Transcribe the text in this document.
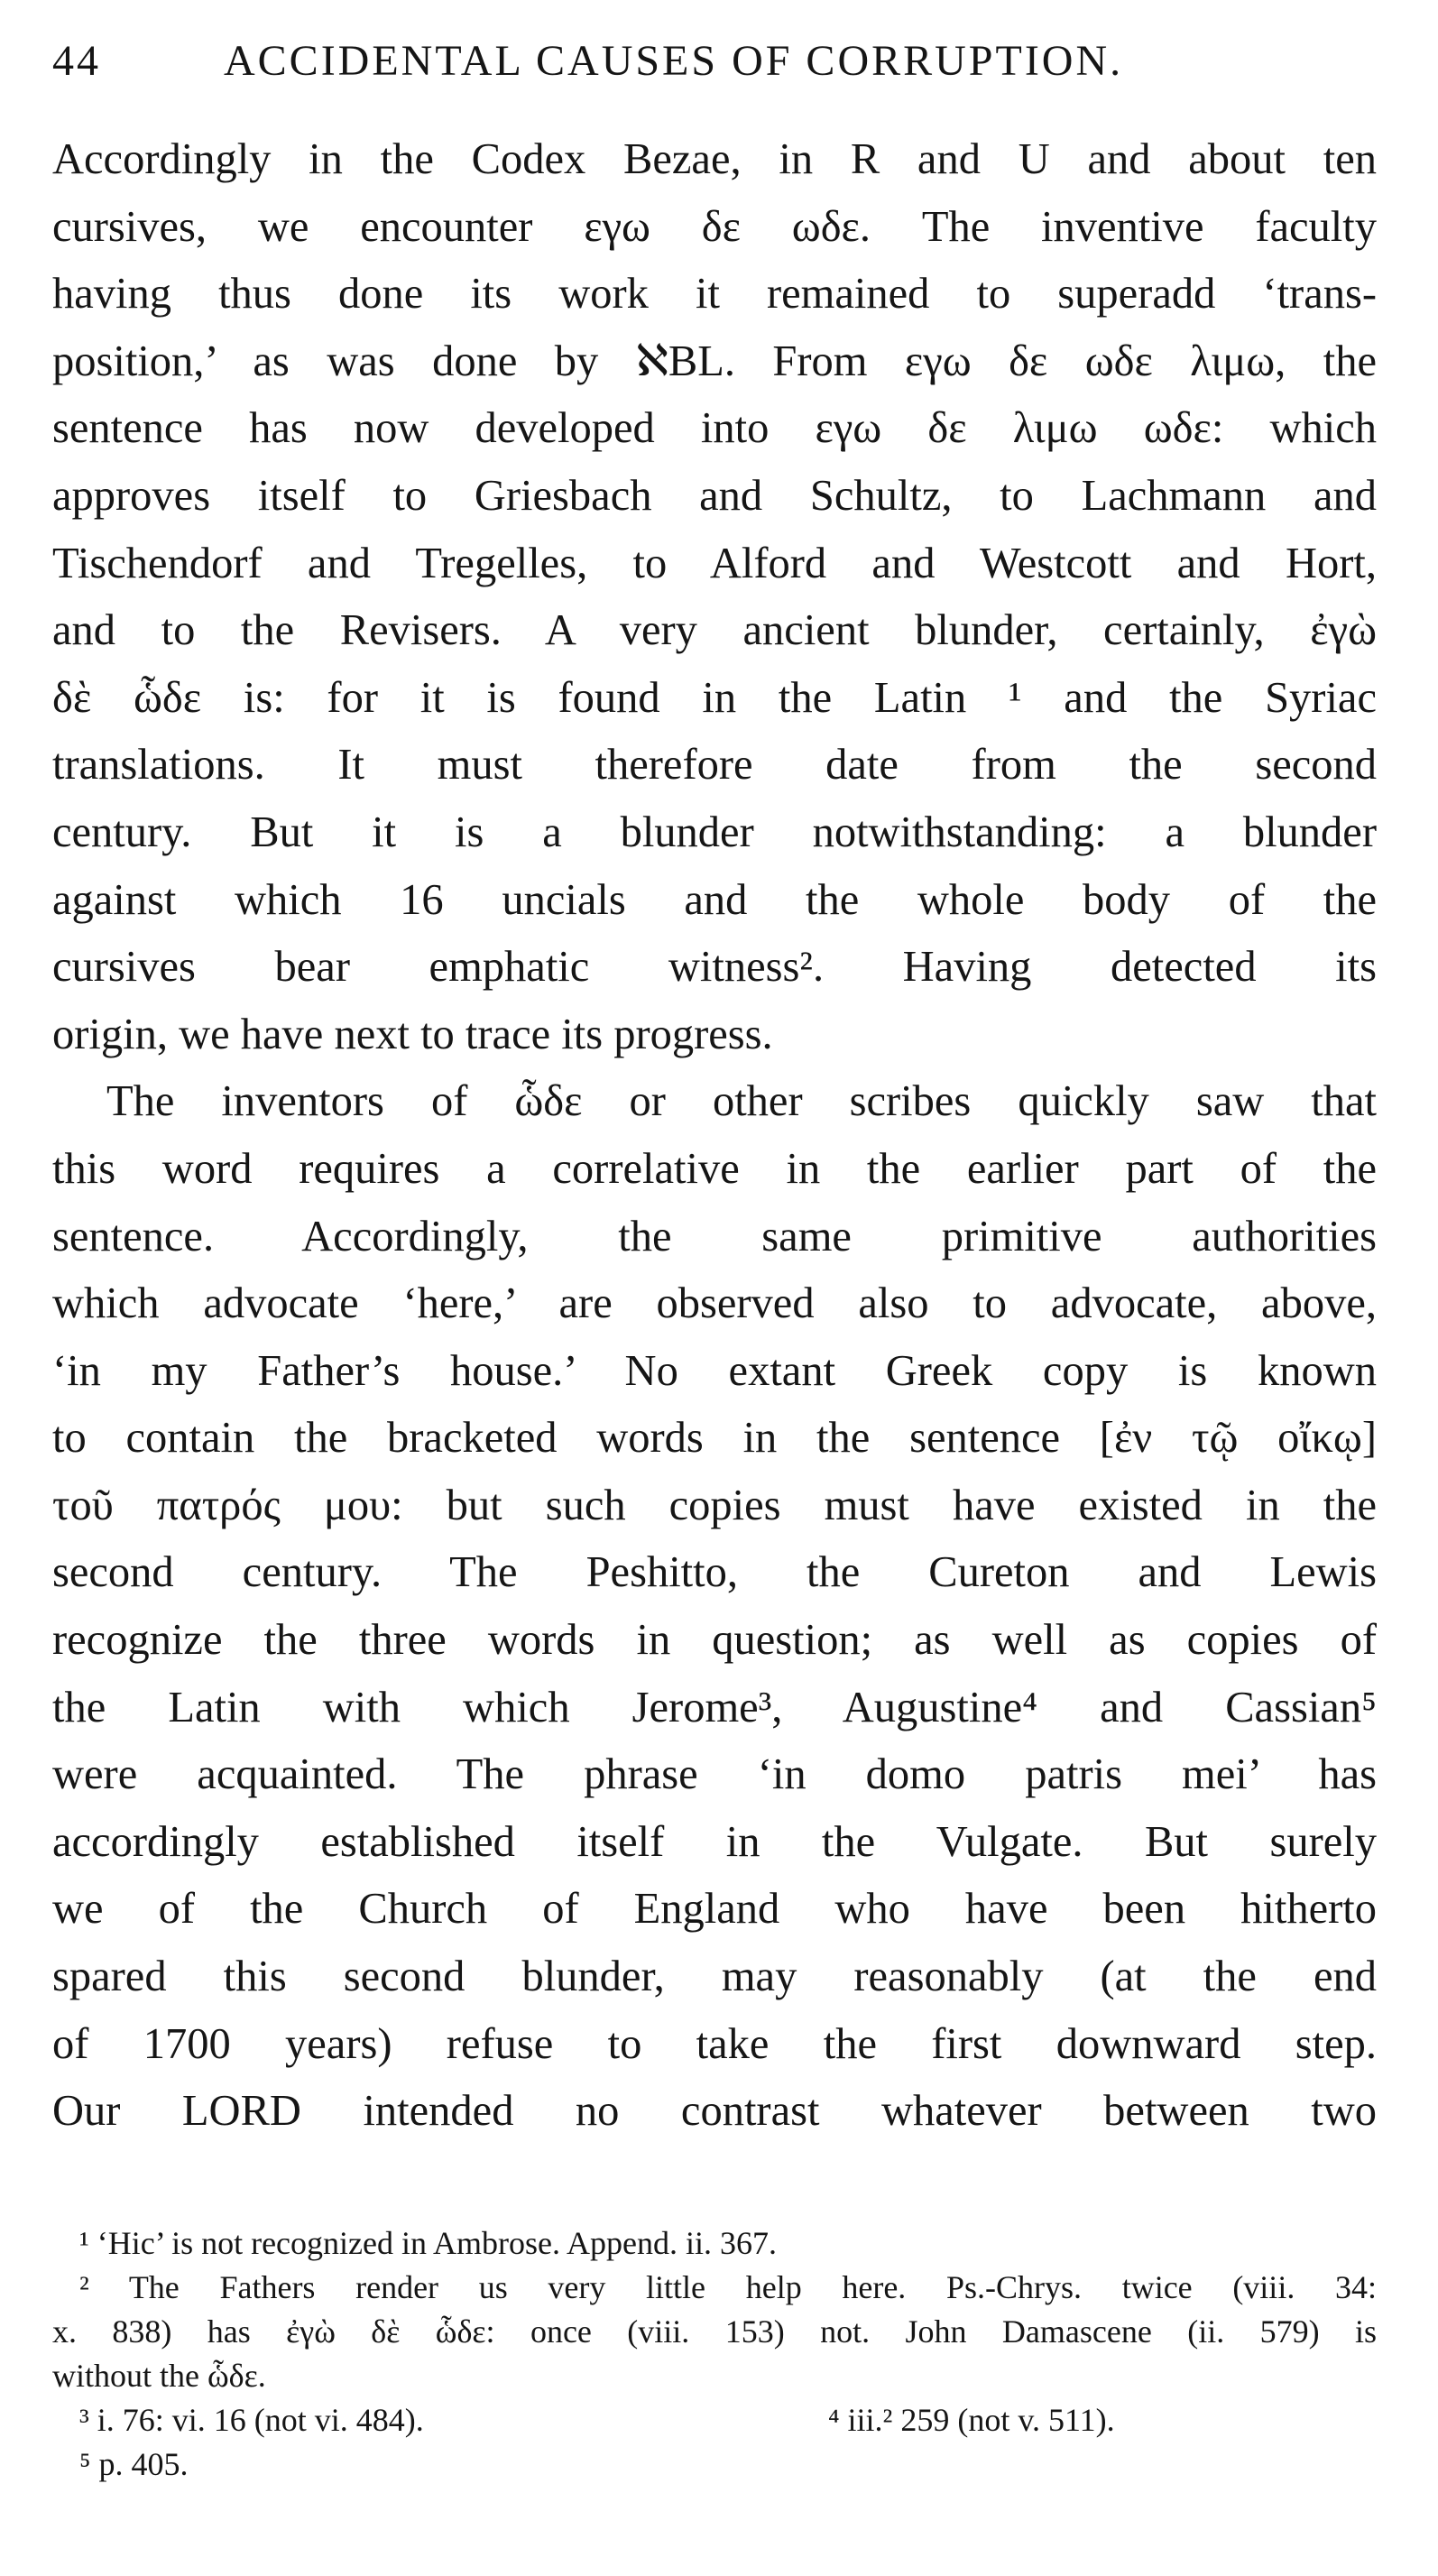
44	ACCIDENTAL CAUSES OF CORRUPTION.
Accordingly in the Codex Bezae, in R and U and about ten
cursives, we encounter εγω δε ωδε. The inventive faculty
having thus done its work it remained to superadd ‘trans-
position,’ as was done by ℵBL. From εγω δε ωδε λιμω, the
sentence has now developed into εγω δε λιμω ωδε: which
approves itself to Griesbach and Schultz, to Lachmann and
Tischendorf and Tregelles, to Alford and Westcott and Hort,
and to the Revisers. A very ancient blunder, certainly, ἐγὼ
δὲ ὧδε is: for it is found in the Latin ¹ and the Syriac
translations. It must therefore date from the second
century. But it is a blunder notwithstanding: a blunder
against which 16 uncials and the whole body of the
cursives bear emphatic witness². Having detected its
origin, we have next to trace its progress.
The inventors of ὧδε or other scribes quickly saw that
this word requires a correlative in the earlier part of the
sentence. Accordingly, the same primitive authorities
which advocate ‘here,’ are observed also to advocate, above,
‘in my Father’s house.’ No extant Greek copy is known
to contain the bracketed words in the sentence [ἐν τῷ οἴκῳ]
τοῦ πατρός μου: but such copies must have existed in the
second century. The Peshitto, the Cureton and Lewis
recognize the three words in question; as well as copies of
the Latin with which Jerome³, Augustine⁴ and Cassian⁵
were acquainted. The phrase ‘in domo patris mei’ has
accordingly established itself in the Vulgate. But surely
we of the Church of England who have been hitherto
spared this second blunder, may reasonably (at the end
of 1700 years) refuse to take the first downward step.
Our LORD intended no contrast whatever between two
¹ ‘Hic’ is not recognized in Ambrose. Append. ii. 367.
² The Fathers render us very little help here. Ps.-Chrys. twice (viii. 34:
x. 838) has ἐγὼ δὲ ὧδε: once (viii. 153) not. John Damascene (ii. 579) is
without the ὧδε.
³ i. 76: vi. 16 (not vi. 484).	⁴ iii.² 259 (not v. 511).
⁵ p. 405.
